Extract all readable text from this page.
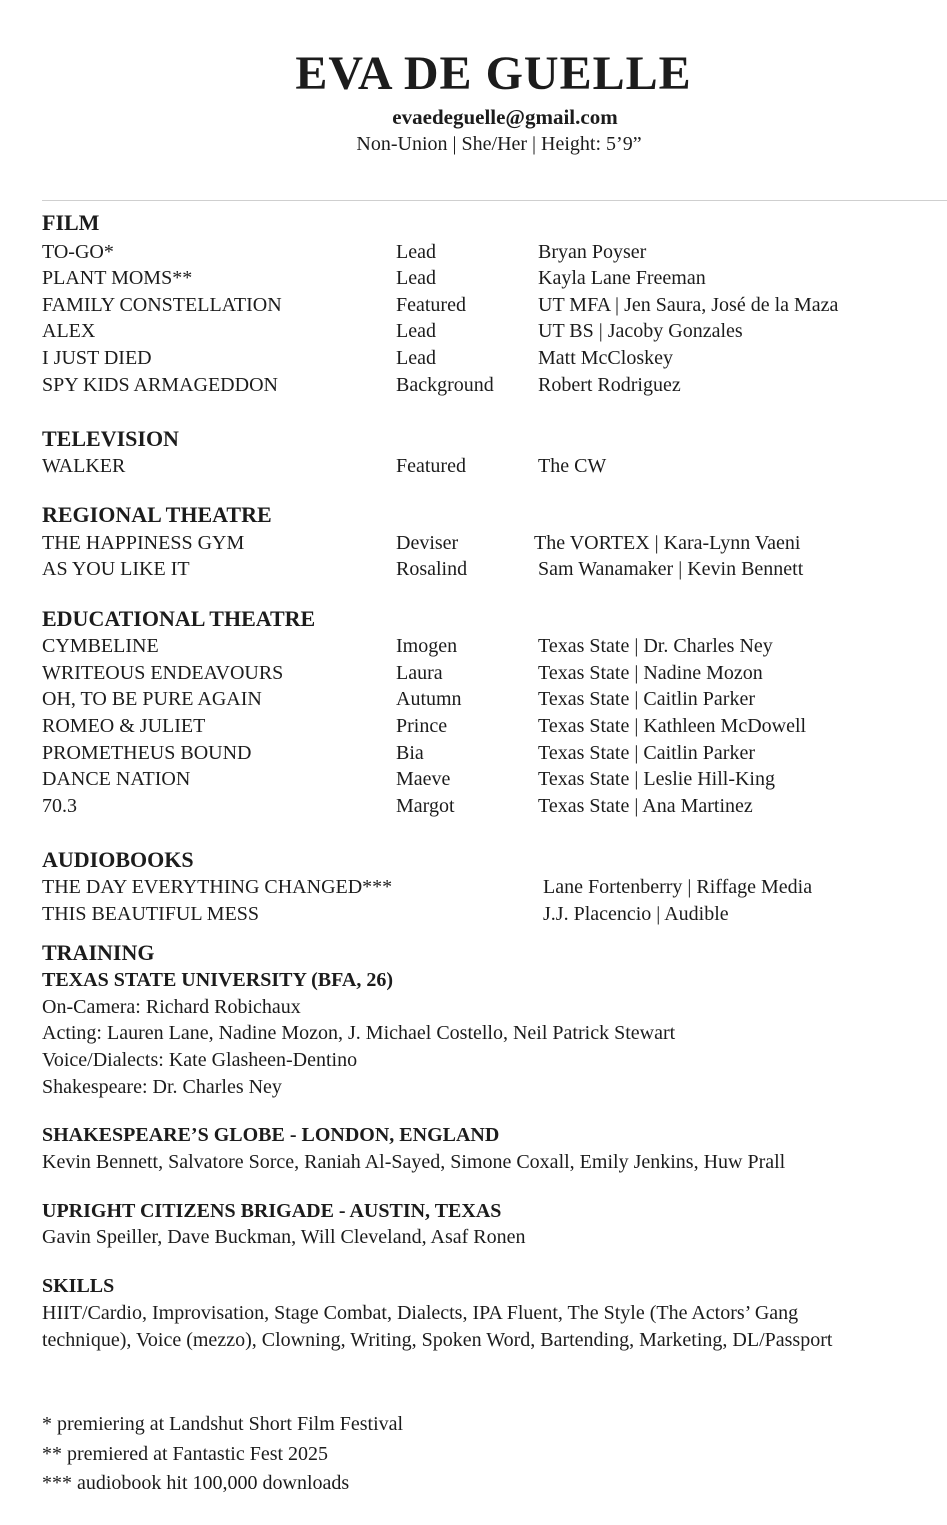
EVA DE GUELLE
evaedeguelle@gmail.com
Non-Union | She/Her | Height: 5’9”
FILM
TO-GO*	Lead	Bryan Poyser
PLANT MOMS**	Lead	Kayla Lane Freeman
FAMILY CONSTELLATION	Featured	UT MFA | Jen Saura, José de la Maza
ALEX	Lead	UT BS | Jacoby Gonzales
I JUST DIED	Lead	Matt McCloskey
SPY KIDS ARMAGEDDON	Background Robert Rodriguez
TELEVISION
WALKER	Featured	The CW
REGIONAL THEATRE
THE HAPPINESS GYM	Deviser	The VORTEX | Kara-Lynn Vaeni
AS YOU LIKE IT	Rosalind	Sam Wanamaker | Kevin Bennett
EDUCATIONAL THEATRE
CYMBELINE	Imogen	Texas State | Dr. Charles Ney
WRITEOUS ENDEAVOURS	Laura	Texas State | Nadine Mozon
OH, TO BE PURE AGAIN	Autumn	Texas State | Caitlin Parker
ROMEO & JULIET	Prince	Texas State | Kathleen McDowell
PROMETHEUS BOUND	Bia	Texas State | Caitlin Parker
DANCE NATION	Maeve	Texas State | Leslie Hill-King
70.3	Margot	Texas State | Ana Martinez
AUDIOBOOKS
THE DAY EVERYTHING CHANGED***	Lane Fortenberry | Riffage Media
THIS BEAUTIFUL MESS	J.J. Placencio | Audible
TRAINING
TEXAS STATE UNIVERSITY (BFA, 26)
On-Camera: Richard Robichaux
Acting: Lauren Lane, Nadine Mozon, J. Michael Costello, Neil Patrick Stewart
Voice/Dialects: Kate Glasheen-Dentino
Shakespeare: Dr. Charles Ney
SHAKESPEARE’S GLOBE - LONDON, ENGLAND
Kevin Bennett, Salvatore Sorce, Raniah Al-Sayed, Simone Coxall, Emily Jenkins, Huw Prall
UPRIGHT CITIZENS BRIGADE - AUSTIN, TEXAS
Gavin Speiller, Dave Buckman, Will Cleveland, Asaf Ronen
SKILLS
HIIT/Cardio, Improvisation, Stage Combat, Dialects, IPA Fluent, The Style (The Actors’ Gang
technique), Voice (mezzo), Clowning, Writing, Spoken Word, Bartending, Marketing, DL/Passport
* premiering at Landshut Short Film Festival
** premiered at Fantastic Fest 2025
*** audiobook hit 100,000 downloads
